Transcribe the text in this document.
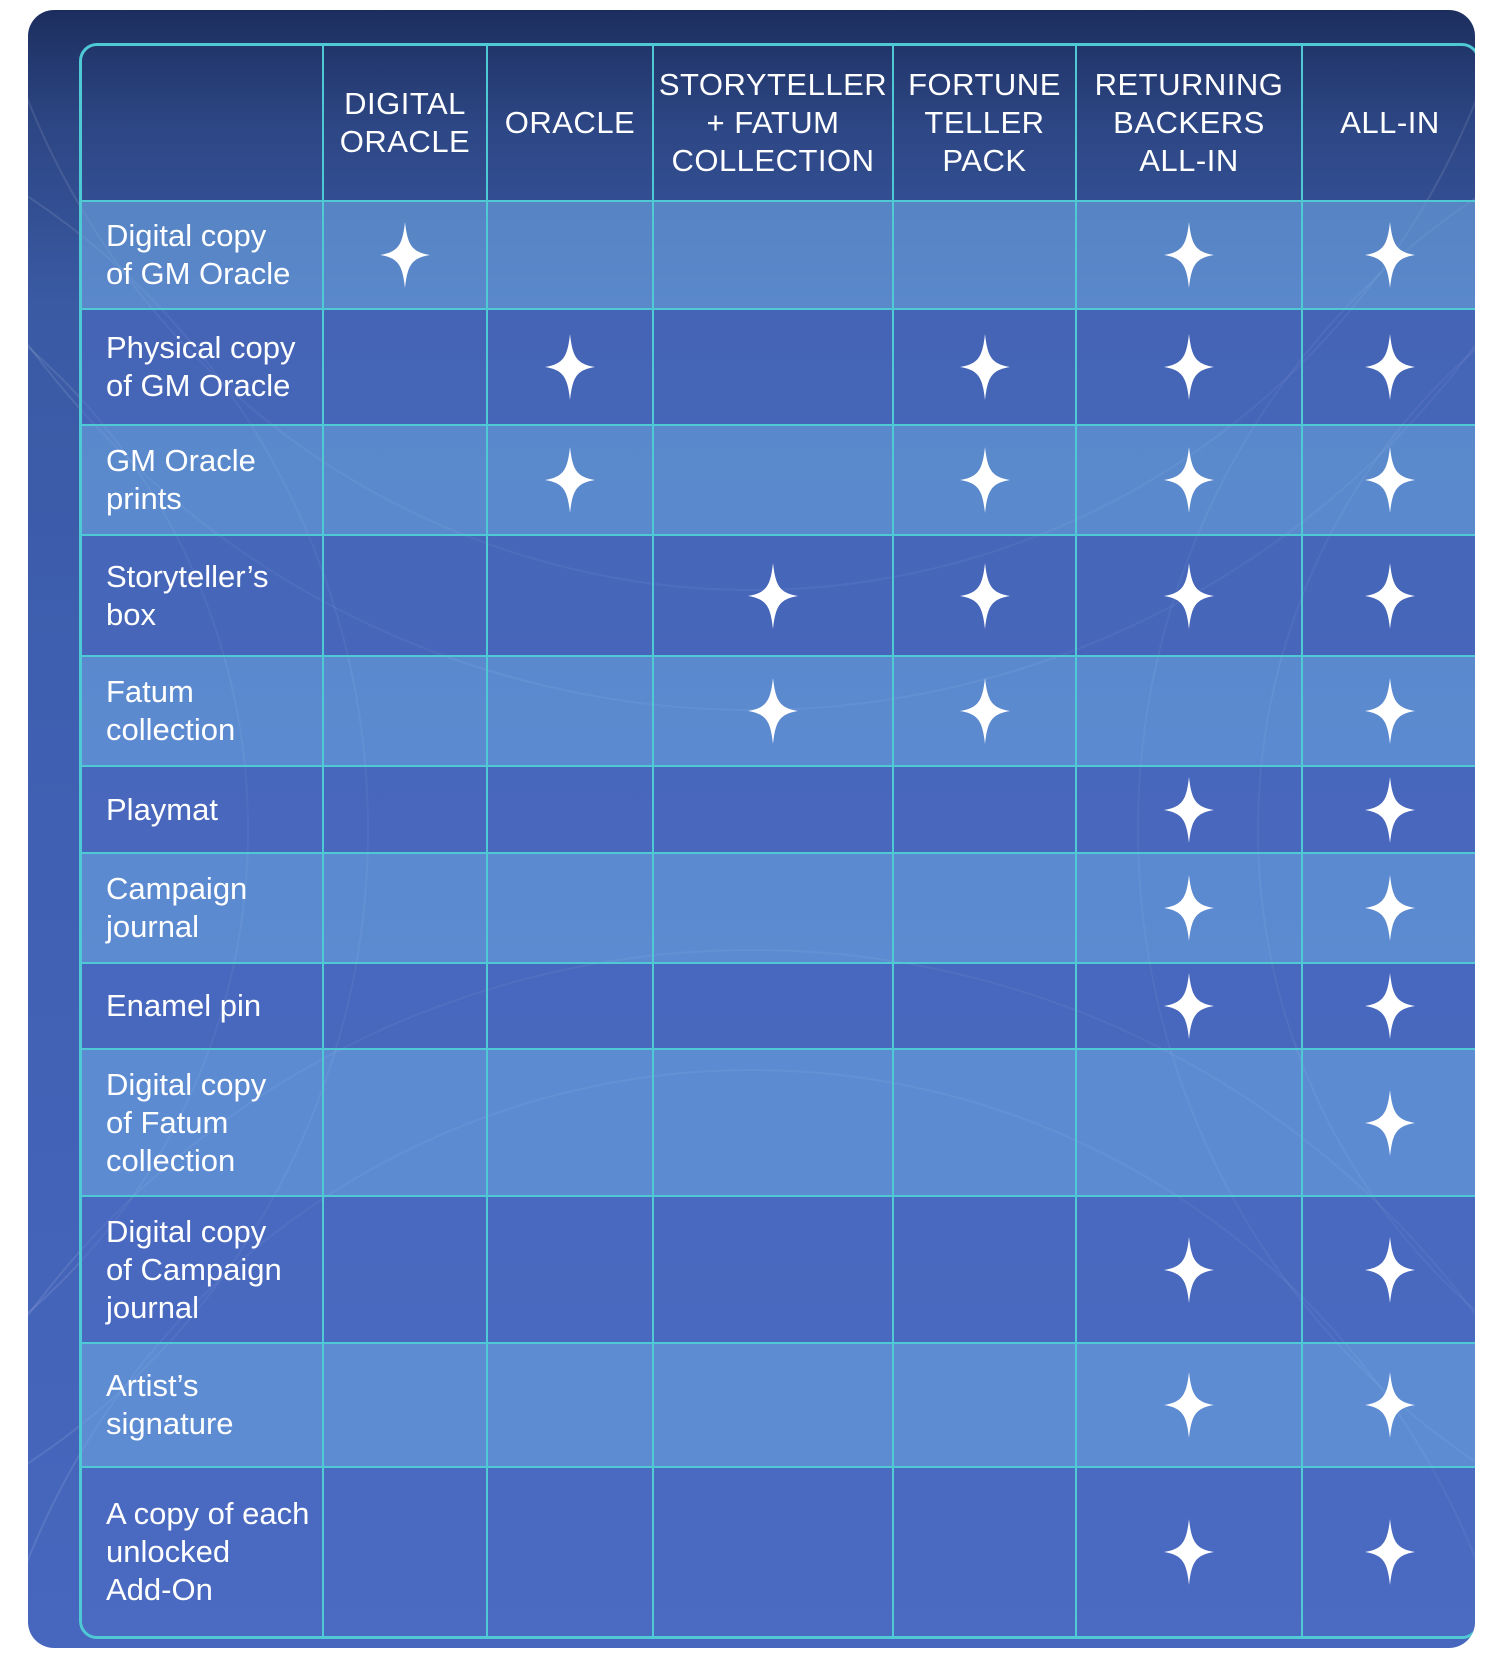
DIGITAL
ORACLE
ORACLE
STORYTELLER
+ FATUM
COLLECTION
FORTUNE
TELLER
PACK
RETURNING
BACKERS
ALL-IN
ALL-IN
Digital copy
of GM Oracle
Physical copy
of GM Oracle
GM Oracle
prints
Storyteller’s
box
Fatum
collection
Playmat
Campaign
journal
Enamel pin
Digital copy
of Fatum
collection
Digital copy
of Campaign
journal
Artist’s
signature
A copy of each
unlocked
Add-On
